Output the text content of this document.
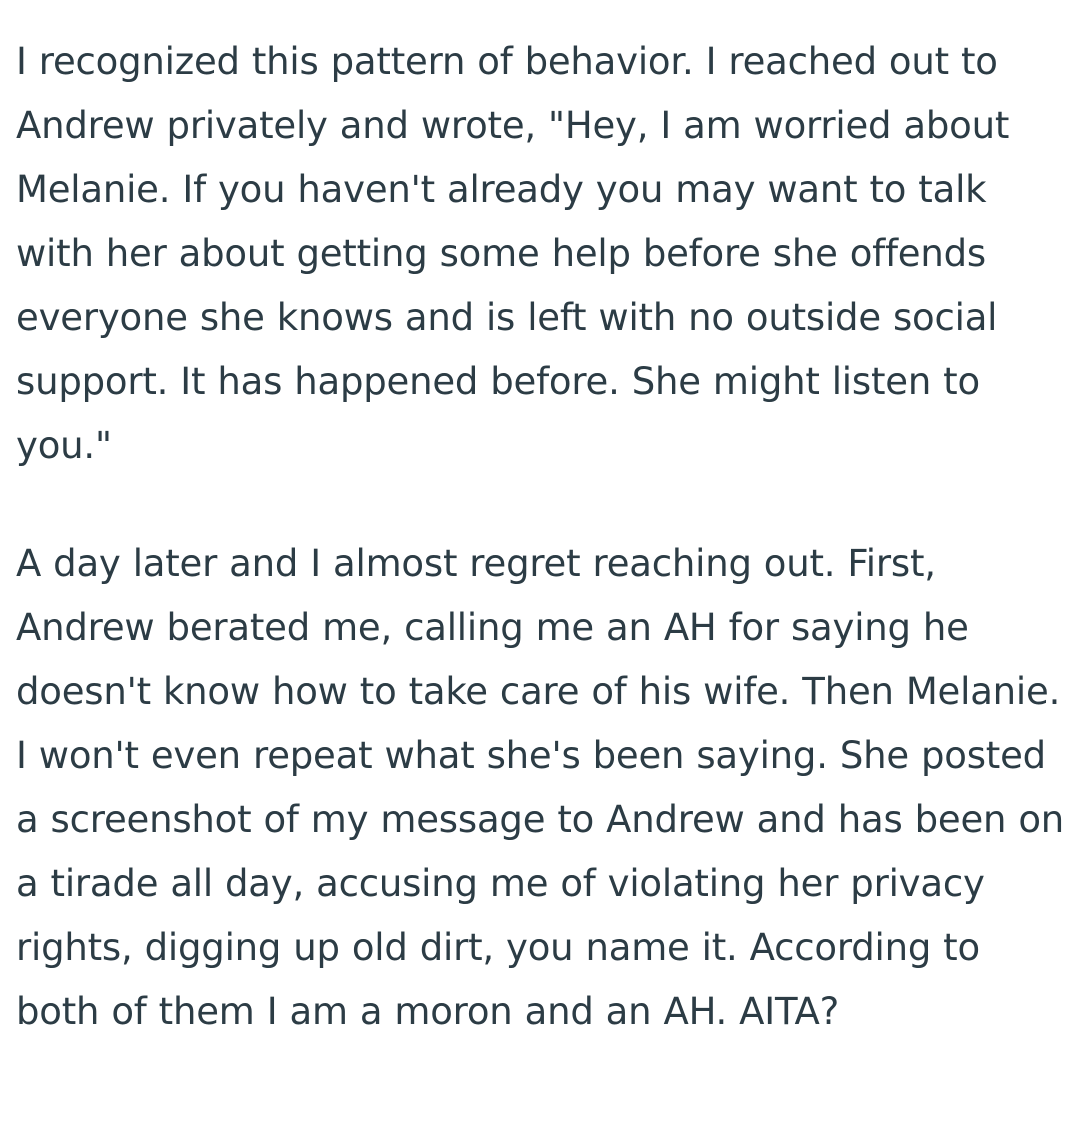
I recognized this pattern of behavior. I reached out to Andrew privately and wrote, "Hey, I am worried about Melanie. If you haven't already you may want to talk with her about getting some help before she offends everyone she knows and is left with no outside social support. It has happened before. She might listen to you."

A day later and I almost regret reaching out. First, Andrew berated me, calling me an AH for saying he doesn't know how to take care of his wife. Then Melanie. I won't even repeat what she's been saying. She posted a screenshot of my message to Andrew and has been on a tirade all day, accusing me of violating her privacy rights, digging up old dirt, you name it. According to both of them I am a moron and an AH. AITA?
